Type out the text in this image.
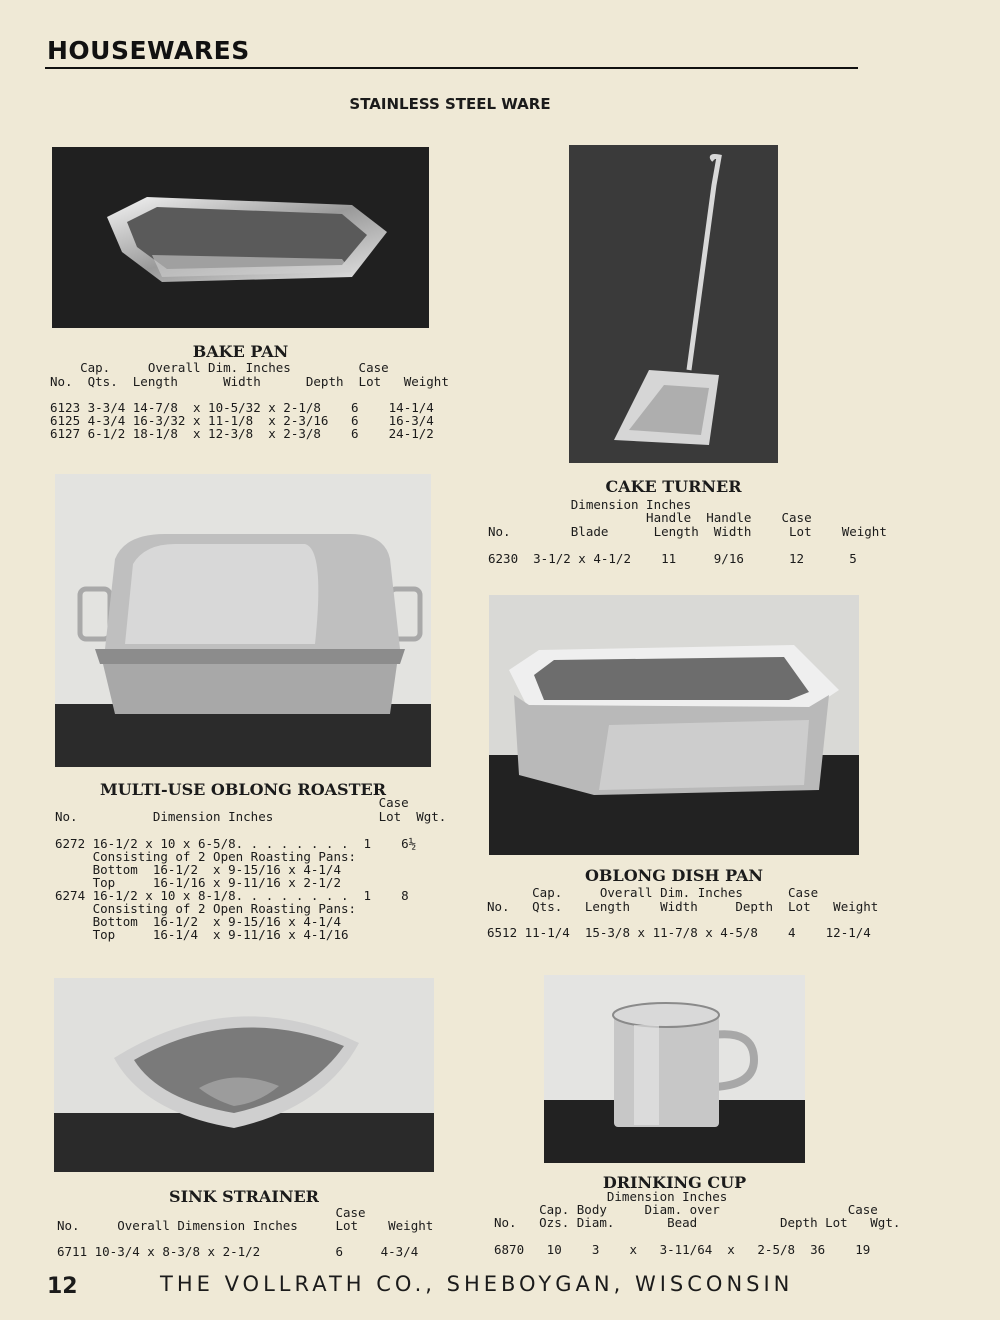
HOUSEWARES
STAINLESS STEEL WARE
BAKE PAN
Cap.     Overall Dim. Inches         Case
No.  Qts.  Length      Width      Depth  Lot   Weight
6123 3-3/4 14-7/8  x 10-5/32 x 2-1/8    6    14-1/4
6125 4-3/4 16-3/32 x 11-1/8  x 2-3/16   6    16-3/4
6127 6-1/2 18-1/8  x 12-3/8  x 2-3/8    6    24-1/2
CAKE TURNER
Dimension Inches
Handle  Handle    Case
No.        Blade      Length  Width     Lot    Weight
6230  3-1/2 x 4-1/2    11     9/16      12      5
MULTI-USE OBLONG ROASTER
Case
No.          Dimension Inches              Lot  Wgt.
6272 16-1/2 x 10 x 6-5/8. . . . . . . .  1    6½
Consisting of 2 Open Roasting Pans:
Bottom  16-1/2  x 9-15/16 x 4-1/4
Top     16-1/16 x 9-11/16 x 2-1/2
6274 16-1/2 x 10 x 8-1/8. . . . . . . .  1    8
Consisting of 2 Open Roasting Pans:
Bottom  16-1/2  x 9-15/16 x 4-1/4
Top     16-1/4  x 9-11/16 x 4-1/16
OBLONG DISH PAN
Cap.     Overall Dim. Inches      Case
No.   Qts.   Length    Width     Depth  Lot   Weight
6512 11-1/4  15-3/8 x 11-7/8 x 4-5/8    4    12-1/4
SINK STRAINER
Case
No.     Overall Dimension Inches     Lot    Weight
6711 10-3/4 x 8-3/8 x 2-1/2          6     4-3/4
DRINKING CUP
Dimension Inches
Cap. Body     Diam. over                 Case
No.   Ozs. Diam.       Bead           Depth Lot   Wgt.
6870   10    3    x   3-11/64  x   2-5/8  36    19
12	THE VOLLRATH CO., SHEBOYGAN, WISCONSIN
